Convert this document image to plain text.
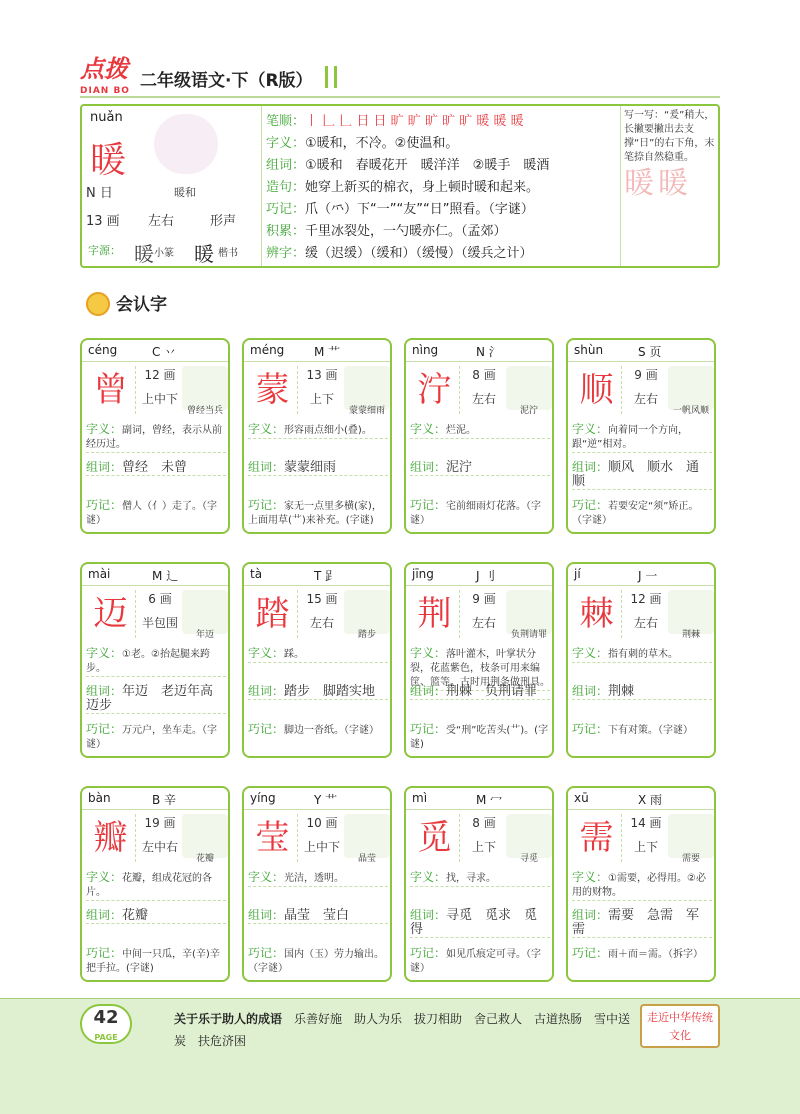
点拨
DIAN BO 二年级语文·下（R版）
nuǎn
暖
N 日
13 画 左右	形声
暖和
字源： 暖 小篆 暖 楷书
笔顺：丨 𠃊 𠃊 日 日 旷 旷 旷 旷 旷 暖 暖 暖
字义：①暖和，不冷。②使温和。
组词：①暖和　春暖花开　暖洋洋　②暖手　暖酒
造句：她穿上新买的棉衣，身上顿时暖和起来。
巧记：爪（⺤）下“一”“友”“日”照看。（字谜）
积累：千里冰裂处，一勺暖亦仁。（孟郊）
辨字：缓（迟缓）（缓和）（缓慢）（缓兵之计）
写一写：“爰”稍大，长撇要撇出去支撑“日”的右下角，末笔捺自然稳重。
暖暖
会认字
céng	C 丷
曾	12 画
上中下
曾经当兵
字义：副词，曾经，表示从前经历过。
组词：曾经　未曾
巧记：僧人（亻）走了。（字谜）
méng M 艹
蒙	13 画
上下
蒙蒙细雨
字义：形容雨点细小(叠)。
组词：蒙蒙细雨
巧记：家无一点里多横(家)，上面用草(艹)来补充。(字谜)
nìng	N 氵
泞	8 画
左右
泥泞
字义：烂泥。
组词：泥泞
巧记：宅前细雨灯花落。（字谜）
shùn	S 页
顺	9 画
左右
一帆风顺
字义：向着同一个方向，跟“逆”相对。
组词：顺风　顺水　通顺
巧记：若要安定“须”矫正。（字谜）
mài	M 辶
迈	6 画
半包围
年迈
字义：①老。②抬起腿来跨步。
组词：年迈　老迈年高　迈步
巧记：万元户，坐车走。（字谜）
tà	T 𧾷
踏	15 画
左右
踏步
字义：踩。
组词：踏步　脚踏实地
巧记：脚边一沓纸。（字谜）
jīng	J 刂
荆	9 画
左右
负荆请罪
字义：落叶灌木，叶掌状分裂，花蓝紫色，枝条可用来编筐、篮等。古时用荆条做刑具。
组词：荆棘　负荆请罪
巧记：受“刑”吃苦头(艹)。(字谜)
jí	J 一
棘	12 画
左右
荆棘
字义：指有刺的草木。
组词：荆棘
巧记：下有对策。（字谜）
bàn	B 辛
瓣	19 画
左中右
花瓣
字义：花瓣，组成花冠的各片。
组词：花瓣
巧记：中间一只瓜，辛(辛)辛把手拉。(字谜)
yíng	Y 艹
莹	10 画
上中下
晶莹
字义：光洁，透明。
组词：晶莹　莹白
巧记：国内（玉）劳力输出。（字谜）
mì	M 冖
觅	8 画
上下
寻觅
字义：找，寻求。
组词：寻觅　觅求　觅得
巧记：如见爪痕定可寻。（字谜）
xū	X 雨
需	14 画
上下
需要
字义：①需要，必得用。②必用的财物。
组词：需要　急需　军需
巧记：雨＋而＝需。（拆字）
42
PAGE
关于乐于助人的成语　 乐善好施　助人为乐　拔刀相助　舍己救人　古道热肠　雪中送炭　扶危济困
走近中华传统文化
